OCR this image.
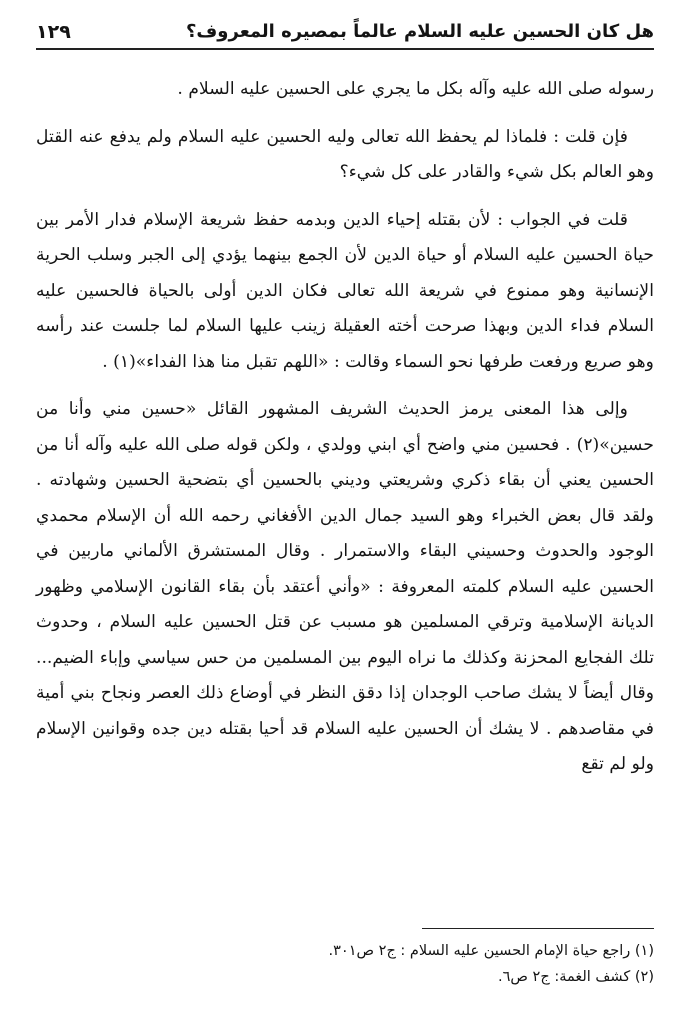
هل كان الحسين عليه السلام عالماً بمصيره المعروف؟
١٢٩

رسوله صلى الله عليه وآله بكل ما يجري على الحسين عليه السلام .

فإن قلت : فلماذا لم يحفظ الله تعالى وليه الحسين عليه السلام ولم يدفع عنه القتل وهو العالم بكل شيء والقادر على كل شيء؟

قلت في الجواب : لأن بقتله إحياء الدين وبدمه حفظ شريعة الإسلام فدار الأمر بين حياة الحسين عليه السلام أو حياة الدين لأن الجمع بينهما يؤدي إلى الجبر وسلب الحرية الإنسانية وهو ممنوع في شريعة الله تعالى فكان الدين أولى بالحياة فالحسين عليه السلام فداء الدين وبهذا صرحت أخته العقيلة زينب عليها السلام لما جلست عند رأسه وهو صريع ورفعت طرفها نحو السماء وقالت : «اللهم تقبل منا هذا الفداء»(١) .

وإلى هذا المعنى يرمز الحديث الشريف المشهور القائل «حسين مني وأنا من حسين»(٢) . فحسين مني واضح أي ابني وولدي ، ولكن قوله صلى الله عليه وآله أنا من الحسين يعني أن بقاء ذكري وشريعتي وديني بالحسين أي بتضحية الحسين وشهادته . ولقد قال بعض الخبراء وهو السيد جمال الدين الأفغاني رحمه الله أن الإسلام محمدي الوجود والحدوث وحسيني البقاء والاستمرار . وقال المستشرق الألماني ماربين في الحسين عليه السلام كلمته المعروفة : «وأني أعتقد بأن بقاء القانون الإسلامي وظهور الديانة الإسلامية وترقي المسلمين هو مسبب عن قتل الحسين عليه السلام ، وحدوث تلك الفجايع المحزنة وكذلك ما نراه اليوم بين المسلمين من حس سياسي وإباء الضيم... وقال أيضاً لا يشك صاحب الوجدان إذا دقق النظر في أوضاع ذلك العصر ونجاح بني أمية في مقاصدهم . لا يشك أن الحسين عليه السلام قد أحيا بقتله دين جده وقوانين الإسلام ولو لم تقع

(١) راجع حياة الإمام الحسين عليه السلام : ج٢ ص٣٠١.
(٢) كشف الغمة: ج٢ ص٦.
